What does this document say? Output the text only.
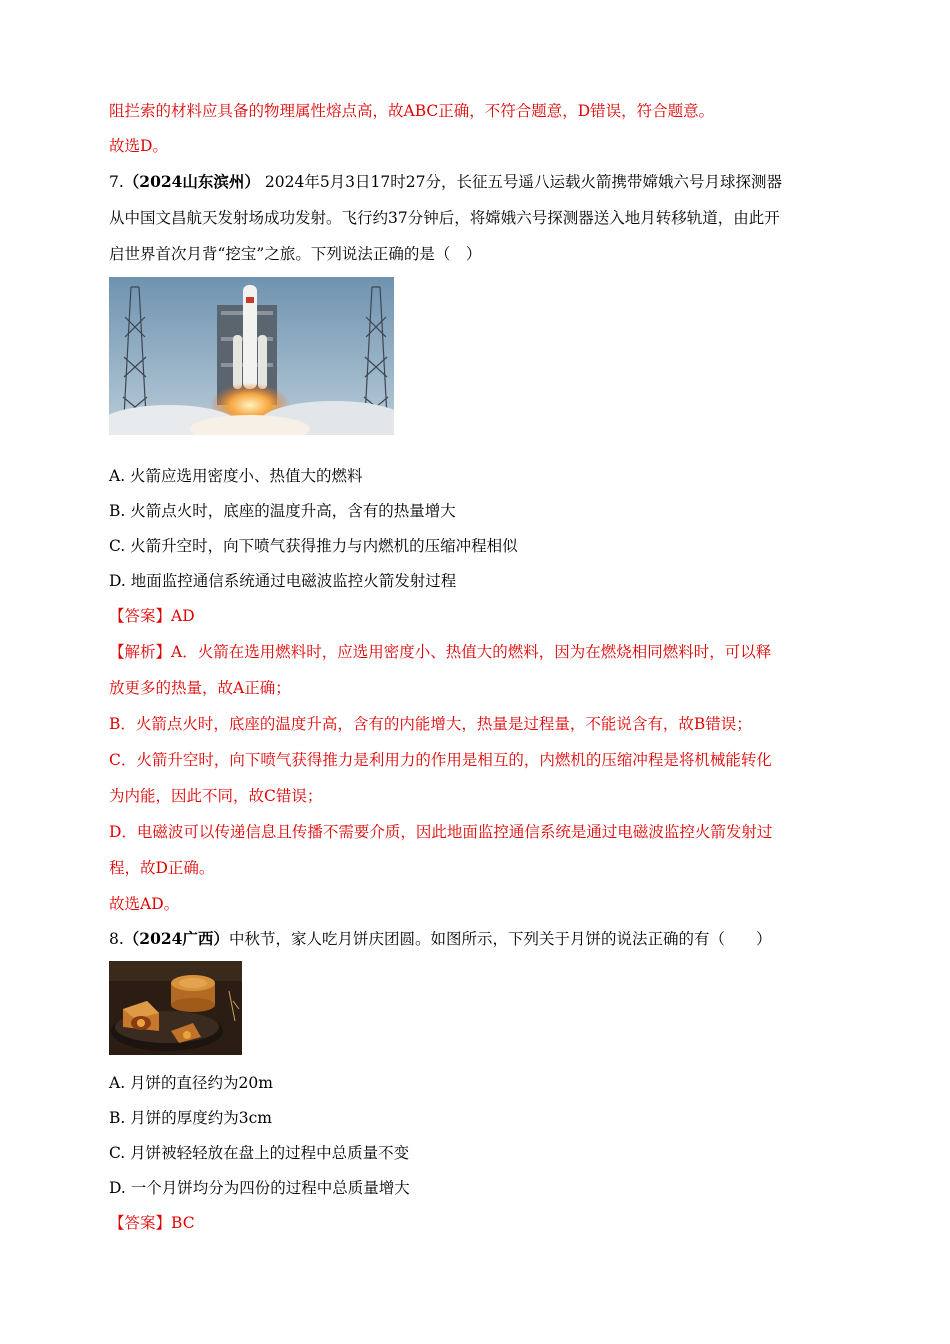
阻拦索的材料应具备的物理属性熔点高，故ABC正确，不符合题意，D错误，符合题意。
故选D。
7.（2024山东滨州） 2024年5月3日17时27分，长征五号遥八运载火箭携带嫦娥六号月球探测器
从中国文昌航天发射场成功发射。飞行约37分钟后，将嫦娥六号探测器送入地月转移轨道，由此开
启世界首次月背“挖宝”之旅。下列说法正确的是（　）
A. 火箭应选用密度小、热值大的燃料
B. 火箭点火时，底座的温度升高，含有的热量增大
C. 火箭升空时，向下喷气获得推力与内燃机的压缩冲程相似
D. 地面监控通信系统通过电磁波监控火箭发射过程
【答案】AD
【解析】A．火箭在选用燃料时，应选用密度小、热值大的燃料，因为在燃烧相同燃料时，可以释
放更多的热量，故A正确；
B．火箭点火时，底座的温度升高，含有的内能增大，热量是过程量，不能说含有，故B错误；
C．火箭升空时，向下喷气获得推力是利用力的作用是相互的，内燃机的压缩冲程是将机械能转化
为内能，因此不同，故C错误；
D．电磁波可以传递信息且传播不需要介质，因此地面监控通信系统是通过电磁波监控火箭发射过
程，故D正确。
故选AD。
8.（2024广西）中秋节，家人吃月饼庆团圆。如图所示，下列关于月饼的说法正确的有（　　）
A. 月饼的直径约为20m
B. 月饼的厚度约为3cm
C. 月饼被轻轻放在盘上的过程中总质量不变
D. 一个月饼均分为四份的过程中总质量增大
【答案】BC
